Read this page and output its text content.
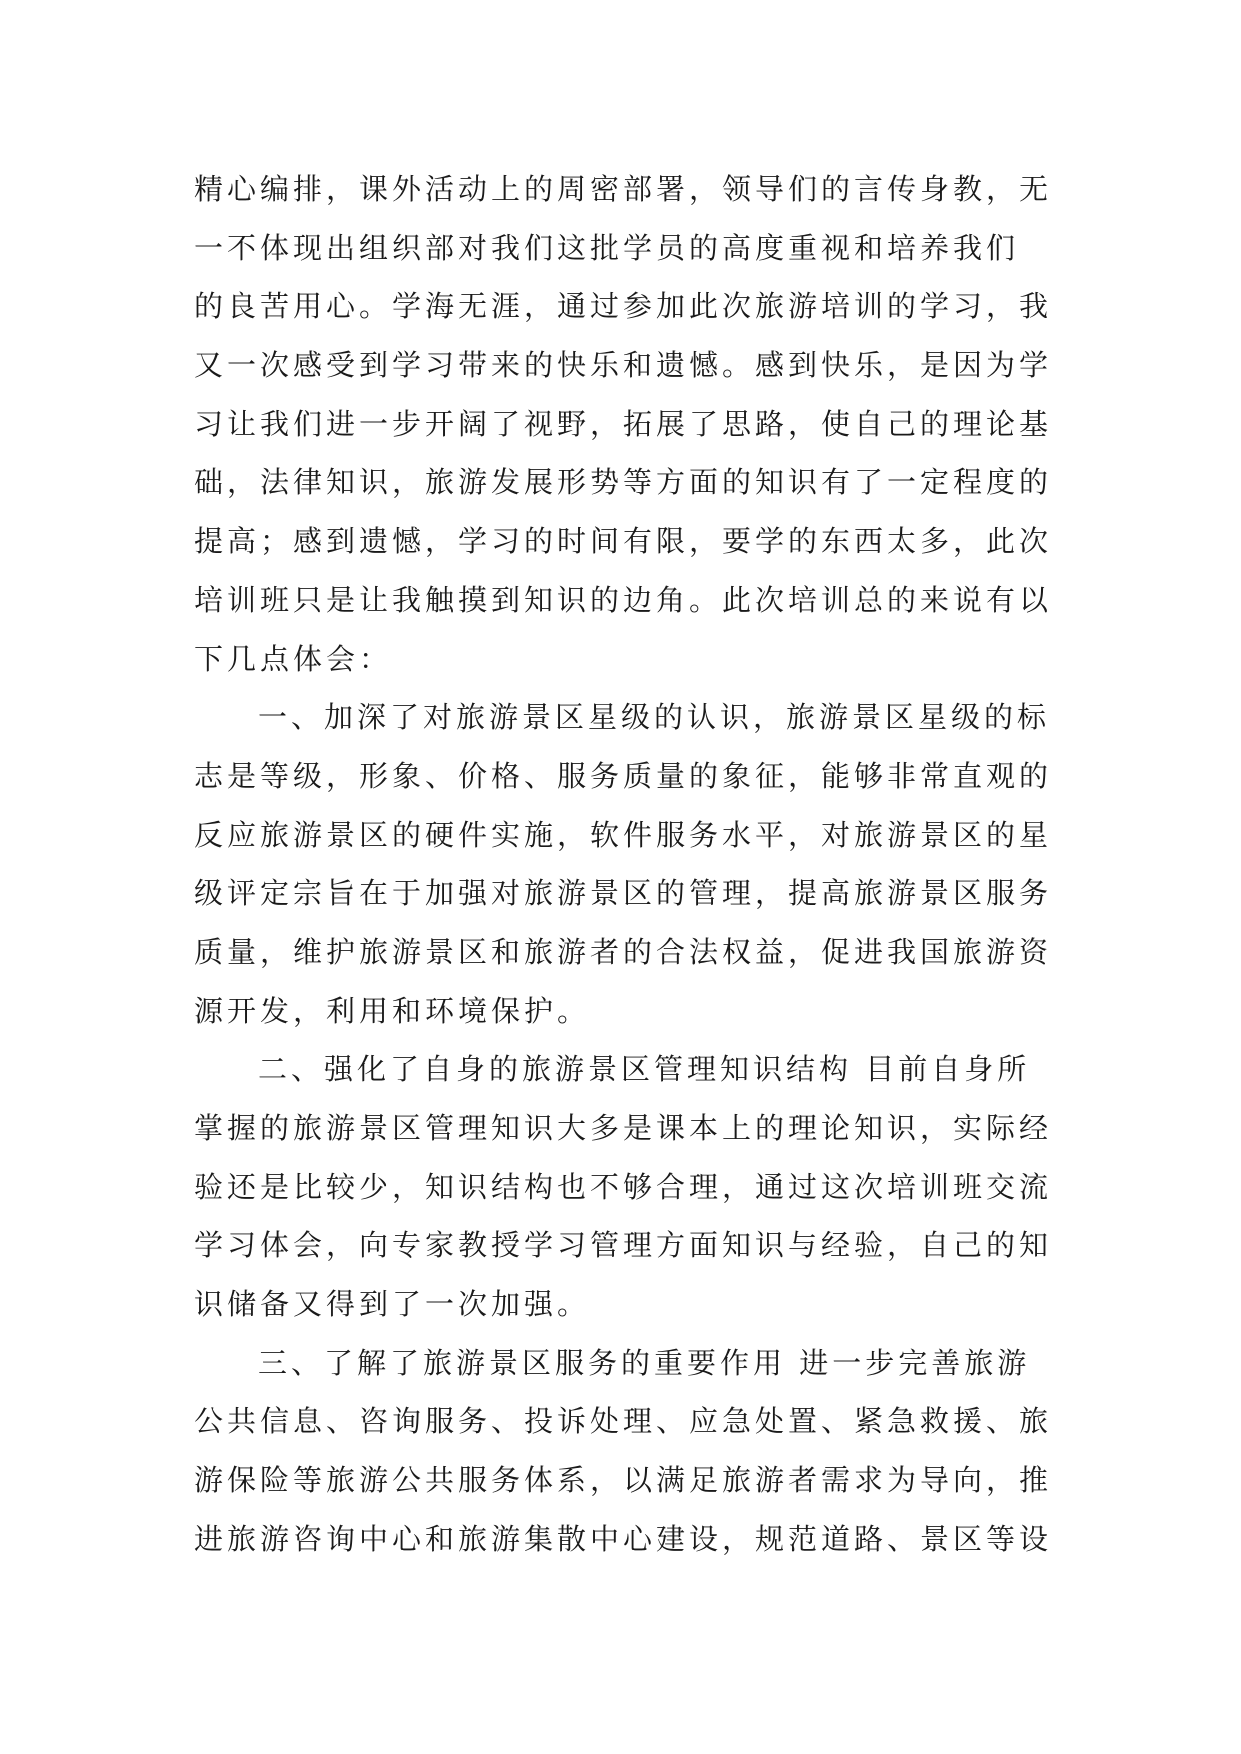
精心编排，课外活动上的周密部署，领导们的言传身教，无
一不体现出组织部对我们这批学员的高度重视和培养我们
的良苦用心。学海无涯，通过参加此次旅游培训的学习，我
又一次感受到学习带来的快乐和遗憾。感到快乐，是因为学
习让我们进一步开阔了视野，拓展了思路，使自己的理论基
础，法律知识，旅游发展形势等方面的知识有了一定程度的
提高；感到遗憾，学习的时间有限，要学的东西太多，此次
培训班只是让我触摸到知识的边角。此次培训总的来说有以
下几点体会：
一、加深了对旅游景区星级的认识，旅游景区星级的标
志是等级，形象、价格、服务质量的象征，能够非常直观的
反应旅游景区的硬件实施，软件服务水平，对旅游景区的星
级评定宗旨在于加强对旅游景区的管理，提高旅游景区服务
质量，维护旅游景区和旅游者的合法权益，促进我国旅游资
源开发，利用和环境保护。
二、强化了自身的旅游景区管理知识结构 目前自身所
掌握的旅游景区管理知识大多是课本上的理论知识，实际经
验还是比较少，知识结构也不够合理，通过这次培训班交流
学习体会，向专家教授学习管理方面知识与经验，自己的知
识储备又得到了一次加强。
三、了解了旅游景区服务的重要作用 进一步完善旅游
公共信息、咨询服务、投诉处理、应急处置、紧急救援、旅
游保险等旅游公共服务体系，以满足旅游者需求为导向，推
进旅游咨询中心和旅游集散中心建设，规范道路、景区等设
